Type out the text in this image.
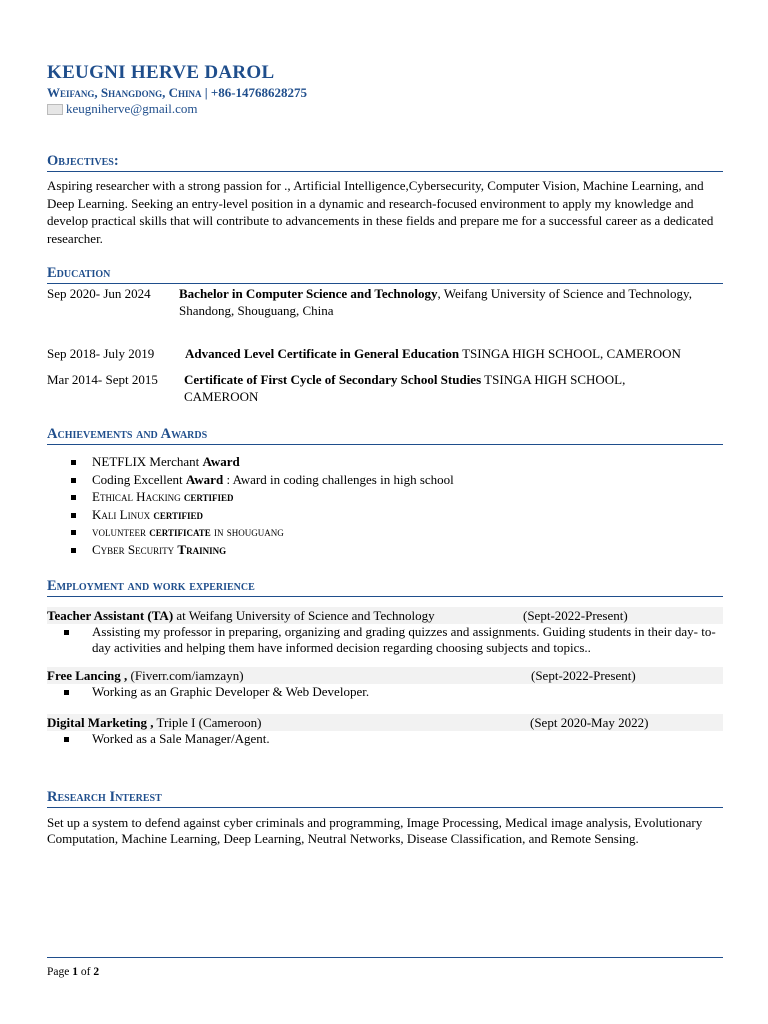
KEUGNI HERVE DAROL
Weifang, Shangdong, China | +86-14768628275
keugniherve@gmail.com
Objectives:
Aspiring researcher with a strong passion for ., Artificial Intelligence,Cybersecurity, Computer Vision, Machine Learning, and Deep Learning. Seeking an entry-level position in a dynamic and research-focused environment to apply my knowledge and develop practical skills that will contribute to advancements in these fields and prepare me for a successful career as a dedicated researcher.
Education
Sep 2020- Jun 2024	Bachelor in Computer Science and Technology, Weifang University of Science and Technology, Shandong, Shouguang, China
Sep 2018- July 2019	Advanced Level Certificate in General Education TSINGA HIGH SCHOOL, CAMEROON
Mar 2014- Sept 2015	Certificate of First Cycle of Secondary School Studies TSINGA HIGH SCHOOL, CAMEROON
Achievements and Awards
NETFLIX Merchant Award
Coding Excellent Award : Award in coding challenges in high school
Ethical Hacking certified
Kali Linux certified
volunteer certificate in shouguang
Cyber Security Training
Employment and work experience
Teacher Assistant (TA) at Weifang University of Science and Technology	(Sept-2022-Present)
Assisting my professor in preparing, organizing and grading quizzes and assignments. Guiding students in their day- to- day activities and helping them have informed decision regarding choosing subjects and topics..
Free Lancing , (Fiverr.com/iamzayn)	(Sept-2022-Present)
Working as an Graphic Developer & Web Developer.
Digital Marketing , Triple I (Cameroon)	(Sept 2020-May 2022)
Worked as a Sale Manager/Agent.
Research Interest
Set up a system to defend against cyber criminals and programming, Image Processing, Medical image analysis, Evolutionary Computation, Machine Learning, Deep Learning, Neutral Networks, Disease Classification, and Remote Sensing.
Page 1 of 2
